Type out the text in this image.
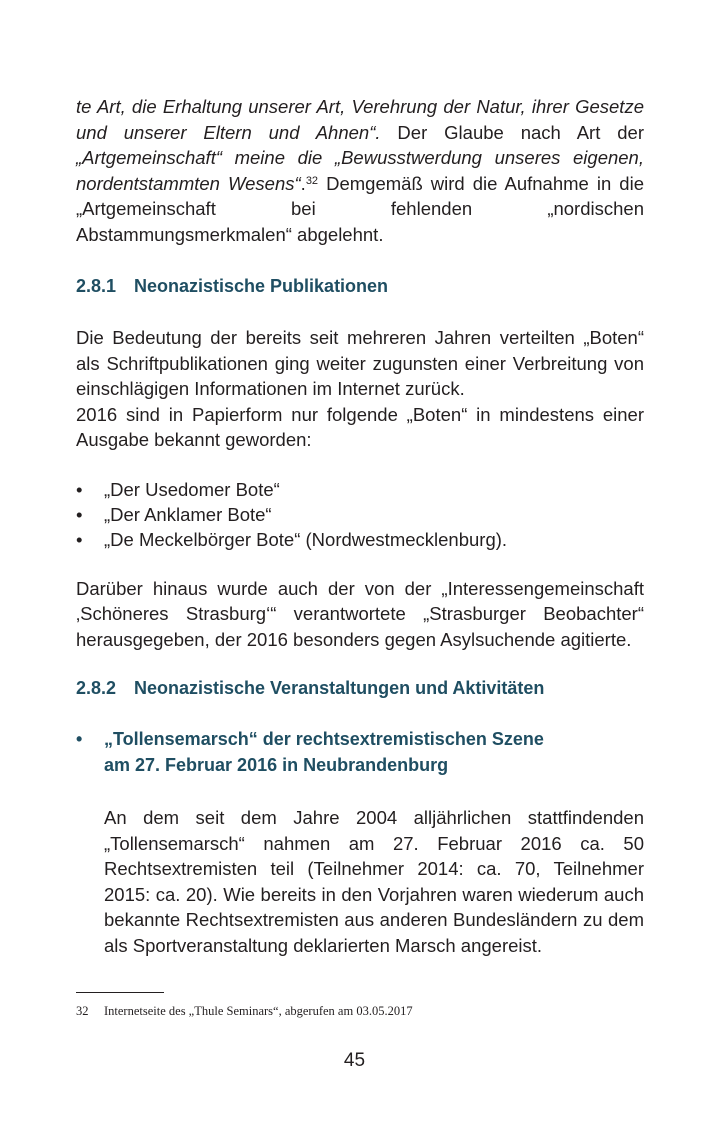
te Art, die Erhaltung unserer Art, Verehrung der Natur, ihrer Gesetze und unserer Eltern und Ahnen“. Der Glaube nach Art der „Artgemeinschaft“ meine die „Bewusstwerdung unseres eigenen, nordentstammten Wesens“.$^{32}$ Demgemäß wird die Aufnahme in die „Artgemeinschaft bei fehlenden „nordischen Abstammungsmerkmalen“ abgelehnt.

2.8.1 Neonazistische Publikationen

Die Bedeutung der bereits seit mehreren Jahren verteilten „Boten“ als Schriftpublikationen ging weiter zugunsten einer Verbreitung von einschlägigen Informationen im Internet zurück.

2016 sind in Papierform nur folgende „Boten“ in mindestens einer Ausgabe bekannt geworden:

• „Der Usedomer Bote“
• „Der Anklamer Bote“
• „De Meckelbörger Bote“ (Nordwestmecklenburg).

Darüber hinaus wurde auch der von der „Interessengemeinschaft ‚Schöneres Strasburg‘“ verantwortete „Strasburger Beobachter“ herausgegeben, der 2016 besonders gegen Asylsuchende agitierte.

2.8.2 Neonazistische Veranstaltungen und Aktivitäten
• „Tollensemarsch“ der rechtsextremistischen Szene
am 27. Februar 2016 in Neubrandenburg

An dem seit dem Jahre 2004 alljährlichen stattfindenden „Tollensemarsch“ nahmen am 27. Februar 2016 ca. 50 Rechtsextremisten teil (Teilnehmer 2014: ca. 70, Teilnehmer 2015: ca. 20). Wie bereits in den Vorjahren waren wiederum auch bekannte Rechtsextremisten aus anderen Bundesländern zu dem als Sportveranstaltung deklarierten Marsch angereist.

32 Internetseite des „Thule Seminars“, abgerufen am 03.05.2017
45
